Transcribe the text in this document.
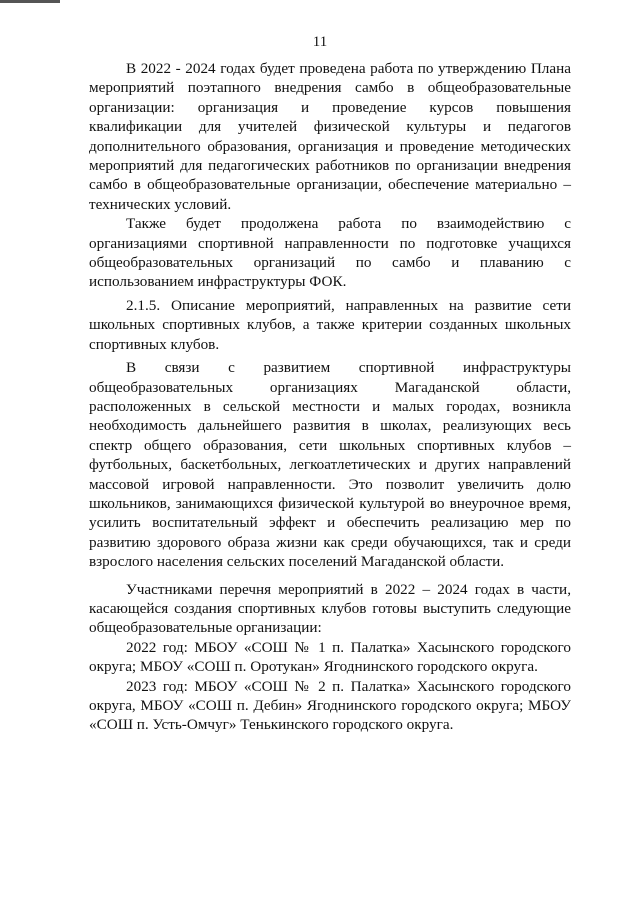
11

В 2022 - 2024 годах будет проведена работа по утверждению Плана мероприятий поэтапного внедрения самбо в общеобразовательные организации: организация и проведение курсов повышения квалификации для учителей физической культуры и педагогов дополнительного образования, организация и проведение методических мероприятий для педагогических работников по организации внедрения самбо в общеобразовательные организации, обеспечение материально – технических условий.

Также будет продолжена работа по взаимодействию с организациями спортивной направленности по подготовке учащихся общеобразовательных организаций по самбо и плаванию с использованием инфраструктуры ФОК.

2.1.5. Описание мероприятий, направленных на развитие сети школьных спортивных клубов, а также критерии созданных школьных спортивных клубов.

В связи с развитием спортивной инфраструктуры общеобразовательных организациях Магаданской области, расположенных в сельской местности и малых городах, возникла необходимость дальнейшего развития в школах, реализующих весь спектр общего образования, сети школьных спортивных клубов – футбольных, баскетбольных, легкоатлетических и других направлений массовой игровой направленности. Это позволит увеличить долю школьников, занимающихся физической культурой во внеурочное время, усилить воспитательный эффект и обеспечить реализацию мер по развитию здорового образа жизни как среди обучающихся, так и среди взрослого населения сельских поселений Магаданской области.

Участниками перечня мероприятий в 2022 – 2024 годах в части, касающейся создания спортивных клубов готовы выступить следующие общеобразовательные организации:

2022 год: МБОУ «СОШ № 1 п. Палатка» Хасынского городского округа; МБОУ «СОШ п. Оротукан» Ягоднинского городского округа.

2023 год: МБОУ «СОШ № 2 п. Палатка» Хасынского городского округа, МБОУ «СОШ п. Дебин» Ягоднинского городского округа; МБОУ «СОШ п. Усть-Омчуг» Тенькинского городского округа.
